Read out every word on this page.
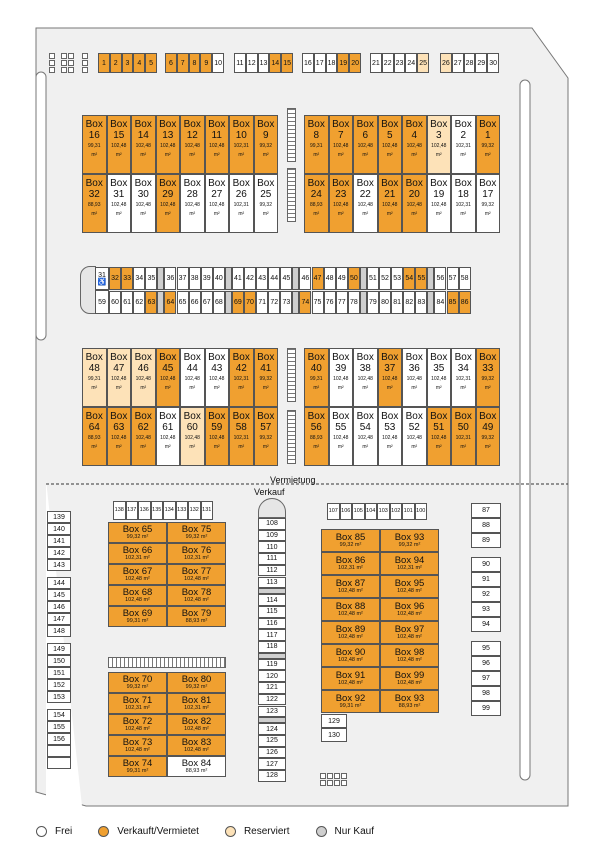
Vermietung
Verkauf
1 2 3 4 5 6 7 8 9 10 11 12 13 14 15 16 17 18 19 20 21 22 23 24 25 26 27 28 29 30
Box
16
99,31
m²
Box
15
102,48
m²
Box
14
102,48
m²
Box
13
102,48
m²
Box
12
102,48
m²
Box
11
102,48
m²
Box
10
102,31
m²
Box
9
99,32
m²
Box
32
88,93
m²
Box
31
102,48
m²
Box
30
102,48
m²
Box
29
102,48
m²
Box
28
102,48
m²
Box
27
102,48
m²
Box
26
102,31
m²
Box
25
99,32
m²
Box
8
99,31
m²
Box
7
102,48
m²
Box
6
102,48
m²
Box
5
102,48
m²
Box
4
102,48
m²
Box
3
102,48
m²
Box
2
102,31
m²
Box
1
99,32
m²
Box
24
88,93
m²
Box
23
102,48
m²
Box
22
102,48
m²
Box
21
102,48
m²
Box
20
102,48
m²
Box
19
102,48
m²
Box
18
102,31
m²
Box
17
99,32
m²
Box
48
99,31
m²
Box
47
102,48
m²
Box
46
102,48
m²
Box
45
102,48
m²
Box
44
102,48
m²
Box
43
102,48
m²
Box
42
102,31
m²
Box
41
99,32
m²
Box
64
88,93
m²
Box
63
102,48
m²
Box
62
102,48
m²
Box
61
102,48
m²
Box
60
102,48
m²
Box
59
102,48
m²
Box
58
102,31
m²
Box
57
99,32
m²
Box
40
99,31
m²
Box
39
102,48
m²
Box
38
102,48
m²
Box
37
102,48
m²
Box
36
102,48
m²
Box
35
102,48
m²
Box
34
102,31
m²
Box
33
99,32
m²
Box
56
88,93
m²
Box
55
102,48
m²
Box
54
102,48
m²
Box
53
102,48
m²
Box
52
102,48
m²
Box
51
102,48
m²
Box
50
102,31
m²
Box
49
99,32
m²
31
♿
59
32 33 34 35 36 37 38 39 40 41 42 43 44 45 46 47 48 49 50 51 52 53 54 55 56 57 58
60 61 62 63 64 65 66 67 68 69 70 71 72 73 74 75 76 77 78 79 80 81 82 83 84 85 86
139
140
141
142
143
144
145
146
147
148
149
150
151
152
153
154
155
156
138 137 136 135 134 133 132 131
Box 65
99,32 m²
Box 75
99,32 m²
Box 66
102,31 m²
Box 76
102,31 m²
Box 67
102,48 m²
Box 77
102,48 m²
Box 68
102,48 m²
Box 78
102,48 m²
Box 69
99,31 m²
Box 79
88,93 m²
Box 70
99,32 m²
Box 80
99,32 m²
Box 71
102,31 m²
Box 81
102,31 m²
Box 72
102,48 m²
Box 82
102,48 m²
Box 73
102,48 m²
Box 83
102,48 m²
Box 74
99,31 m²
Box 84
88,93 m²
108
109
110
111
112
113
114
115
116
117
118
119
120
121
122
123
124
125
126
127
128
107 106 105 104 103 102 101 100
Box 85
99,32 m²
Box 93
99,32 m²
Box 86
102,31 m²
Box 94
102,31 m²
Box 87
102,48 m²
Box 95
102,48 m²
Box 88
102,48 m²
Box 96
102,48 m²
Box 89
102,48 m²
Box 97
102,48 m²
Box 90
102,48 m²
Box 98
102,48 m²
Box 91
102,48 m²
Box 99
102,48 m²
Box 92
99,31 m²
Box 93
88,93 m²
129
130
87
88
89
90
91
92
93
94
95
96
97
98
99
Frei	Verkauft/Vermietet	Reserviert	Nur Kauf
